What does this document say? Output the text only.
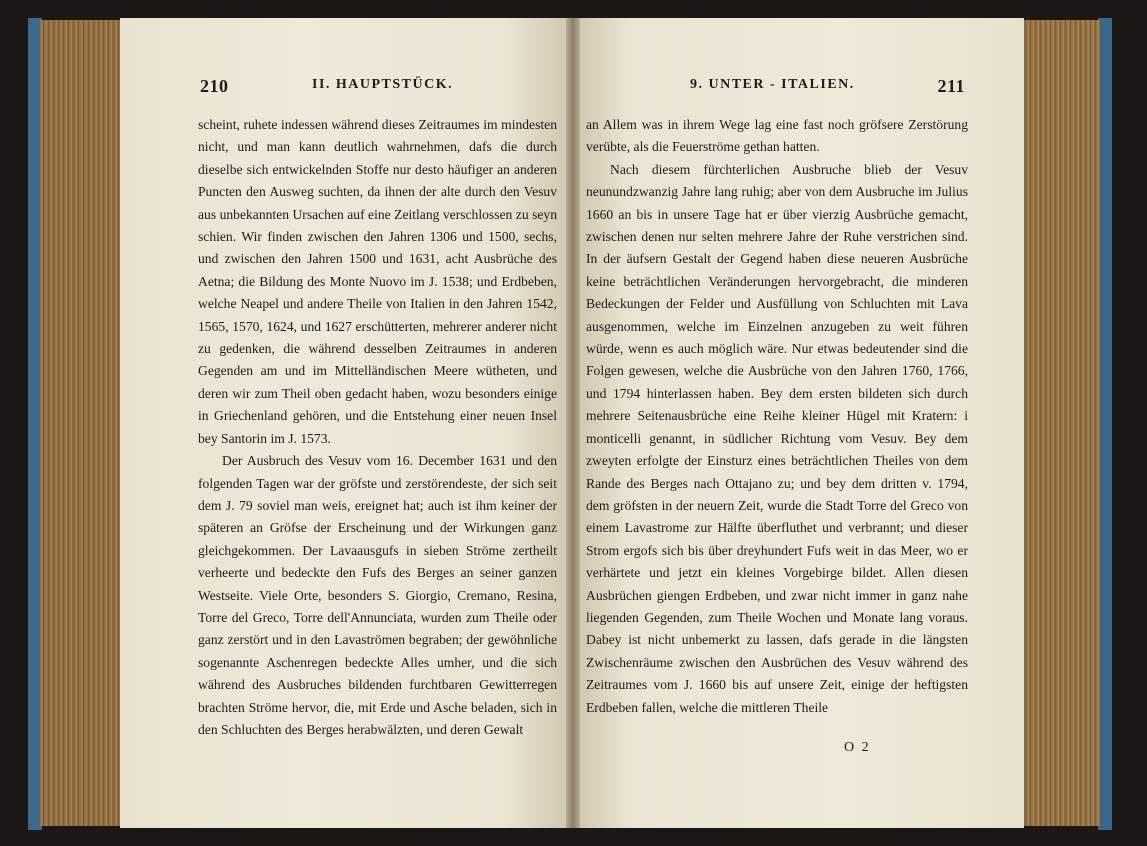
210	II. HAUPTSTÜCK.

scheint, ruhete indessen während dieses Zeitraumes im mindesten nicht, und man kann deutlich wahrnehmen, dafs die durch dieselbe sich entwickelnden Stoffe nur desto häufiger an anderen Puncten den Ausweg suchten, da ihnen der alte durch den Vesuv aus unbekannten Ursachen auf eine Zeitlang verschlossen zu seyn schien. Wir finden zwischen den Jahren 1306 und 1500, sechs, und zwischen den Jahren 1500 und 1631, acht Ausbrüche des Aetna; die Bildung des Monte Nuovo im J. 1538; und Erdbeben, welche Neapel und andere Theile von Italien in den Jahren 1542, 1565, 1570, 1624, und 1627 erschütterten, mehrerer anderer nicht zu gedenken, die während desselben Zeitraumes in anderen Gegenden am und im Mittelländischen Meere wütheten, und deren wir zum Theil oben gedacht haben, wozu besonders einige in Griechenland gehören, und die Entstehung einer neuen Insel bey Santorin im J. 1573.

Der Ausbruch des Vesuv vom 16. December 1631 und den folgenden Tagen war der gröfste und zerstörendeste, der sich seit dem J. 79 soviel man weis, ereignet hat; auch ist ihm keiner der späteren an Gröfse der Erscheinung und der Wirkungen ganz gleichgekommen. Der Lavaausgufs in sieben Ströme zertheilt verheerte und bedeckte den Fufs des Berges an seiner ganzen Westseite. Viele Orte, besonders S. Giorgio, Cremano, Resina, Torre del Greco, Torre dell'Annunciata, wurden zum Theile oder ganz zerstört und in den Lavaströmen begraben; der gewöhnliche sogenannte Aschenregen bedeckte Alles umher, und die sich während des Ausbruches bildenden furchtbaren Gewitterregen brachten Ströme hervor, die, mit Erde und Asche beladen, sich in den Schluchten des Berges herabwälzten, und deren Gewalt

9. UNTER - ITALIEN.	211

an Allem was in ihrem Wege lag eine fast noch gröfsere Zerstörung verübte, als die Feuerströme gethan hatten.

Nach diesem fürchterlichen Ausbruche blieb der Vesuv neunundzwanzig Jahre lang ruhig; aber von dem Ausbruche im Julius 1660 an bis in unsere Tage hat er über vierzig Ausbrüche gemacht, zwischen denen nur selten mehrere Jahre der Ruhe verstrichen sind. In der äufsern Gestalt der Gegend haben diese neueren Ausbrüche keine beträchtlichen Veränderungen hervorgebracht, die minderen Bedeckungen der Felder und Ausfüllung von Schluchten mit Lava ausgenommen, welche im Einzelnen anzugeben zu weit führen würde, wenn es auch möglich wäre. Nur etwas bedeutender sind die Folgen gewesen, welche die Ausbrüche von den Jahren 1760, 1766, und 1794 hinterlassen haben. Bey dem ersten bildeten sich durch mehrere Seitenausbrüche eine Reihe kleiner Hügel mit Kratern: i monticelli genannt, in südlicher Richtung vom Vesuv. Bey dem zweyten erfolgte der Einsturz eines beträchtlichen Theiles von dem Rande des Berges nach Ottajano zu; und bey dem dritten v. 1794, dem gröfsten in der neuern Zeit, wurde die Stadt Torre del Greco von einem Lavastrome zur Hälfte überfluthet und verbrannt; und dieser Strom ergofs sich bis über dreyhundert Fufs weit in das Meer, wo er verhärtete und jetzt ein kleines Vorgebirge bildet. Allen diesen Ausbrüchen giengen Erdbeben, und zwar nicht immer in ganz nahe liegenden Gegenden, zum Theile Wochen und Monate lang voraus. Dabey ist nicht unbemerkt zu lassen, dafs gerade in die längsten Zwischenräume zwischen den Ausbrüchen des Vesuv während des Zeitraumes vom J. 1660 bis auf unsere Zeit, einige der heftigsten Erdbeben fallen, welche die mittleren Theile

O 2
